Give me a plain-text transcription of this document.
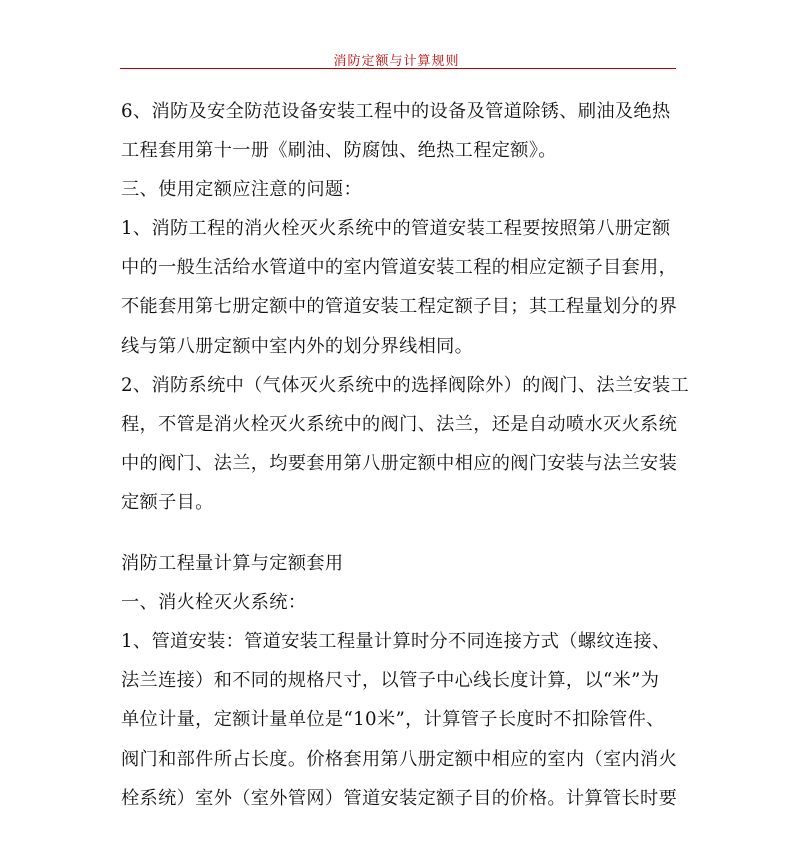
消防定额与计算规则
6、消防及安全防范设备安装工程中的设备及管道除锈、刷油及绝热
工程套用第十一册《刷油、防腐蚀、绝热工程定额》。
三、使用定额应注意的问题：
1、消防工程的消火栓灭火系统中的管道安装工程要按照第八册定额
中的一般生活给水管道中的室内管道安装工程的相应定额子目套用，
不能套用第七册定额中的管道安装工程定额子目；其工程量划分的界
线与第八册定额中室内外的划分界线相同。
2、消防系统中（气体灭火系统中的选择阀除外）的阀门、法兰安装工
程，不管是消火栓灭火系统中的阀门、法兰，还是自动喷水灭火系统
中的阀门、法兰，均要套用第八册定额中相应的阀门安装与法兰安装
定额子目。
消防工程量计算与定额套用
一、消火栓灭火系统：
1、管道安装：管道安装工程量计算时分不同连接方式（螺纹连接、
法兰连接）和不同的规格尺寸，以管子中心线长度计算，以“米”为
单位计量，定额计量单位是“10米”，计算管子长度时不扣除管件、
阀门和部件所占长度。价格套用第八册定额中相应的室内（室内消火
栓系统）室外（室外管网）管道安装定额子目的价格。计算管长时要
